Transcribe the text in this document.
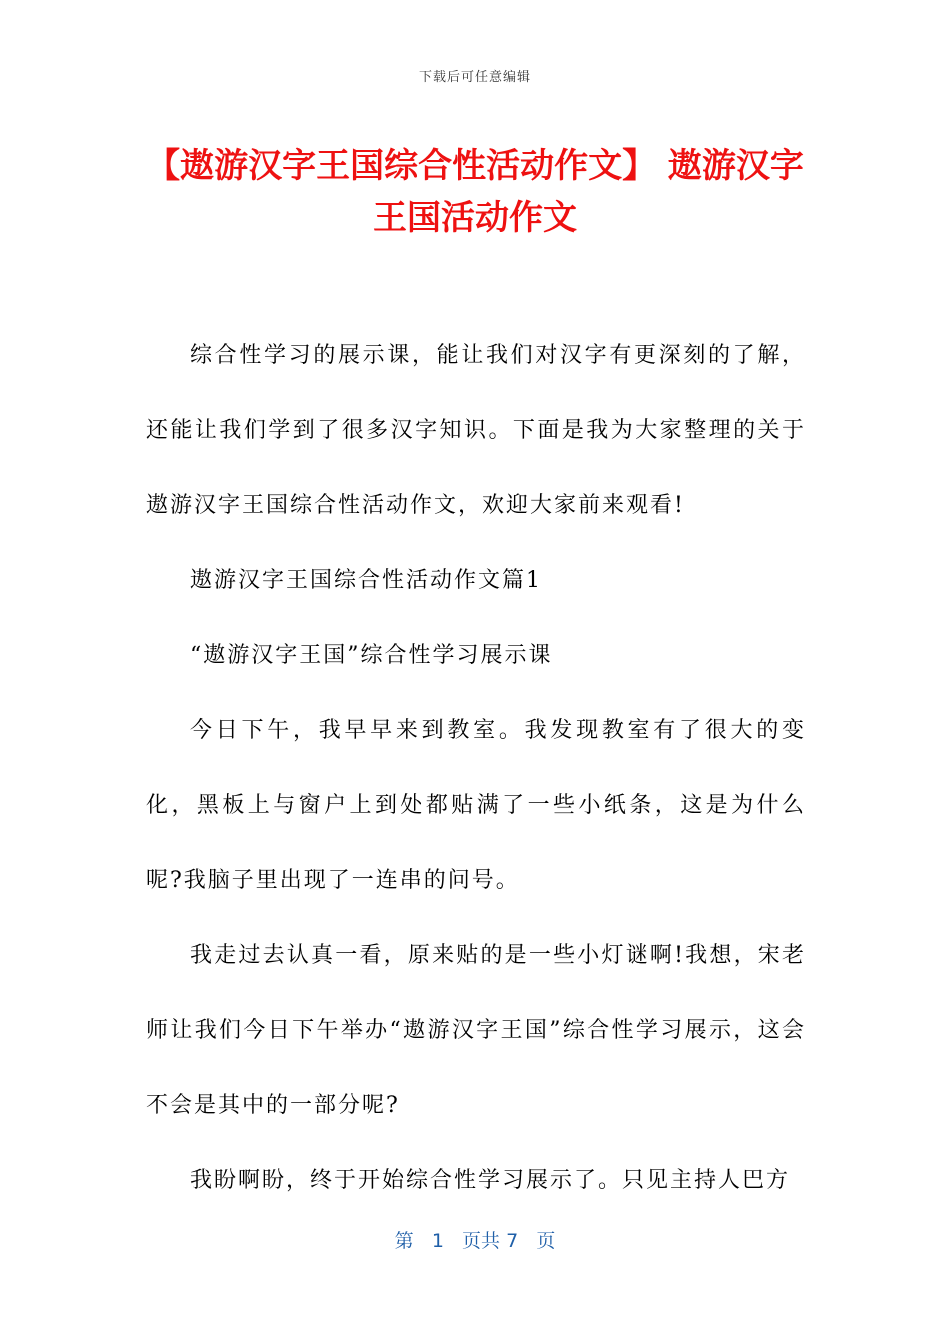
下载后可任意编辑
【遨游汉字王国综合性活动作文】 遨游汉字王国活动作文

综合性学习的展示课，能让我们对汉字有更深刻的了解，还能让我们学到了很多汉字知识。下面是我为大家整理的关于遨游汉字王国综合性活动作文，欢迎大家前来观看!

遨游汉字王国综合性活动作文篇1

“遨游汉字王国”综合性学习展示课

今日下午，我早早来到教室。我发现教室有了很大的变化，黑板上与窗户上到处都贴满了一些小纸条，这是为什么呢?我脑子里出现了一连串的问号。

我走过去认真一看，原来贴的是一些小灯谜啊!我想，宋老师让我们今日下午举办“遨游汉字王国”综合性学习展示，这会不会是其中的一部分呢?

我盼啊盼，终于开始综合性学习展示了。只见主持人巴方

第 1 页共 7 页
